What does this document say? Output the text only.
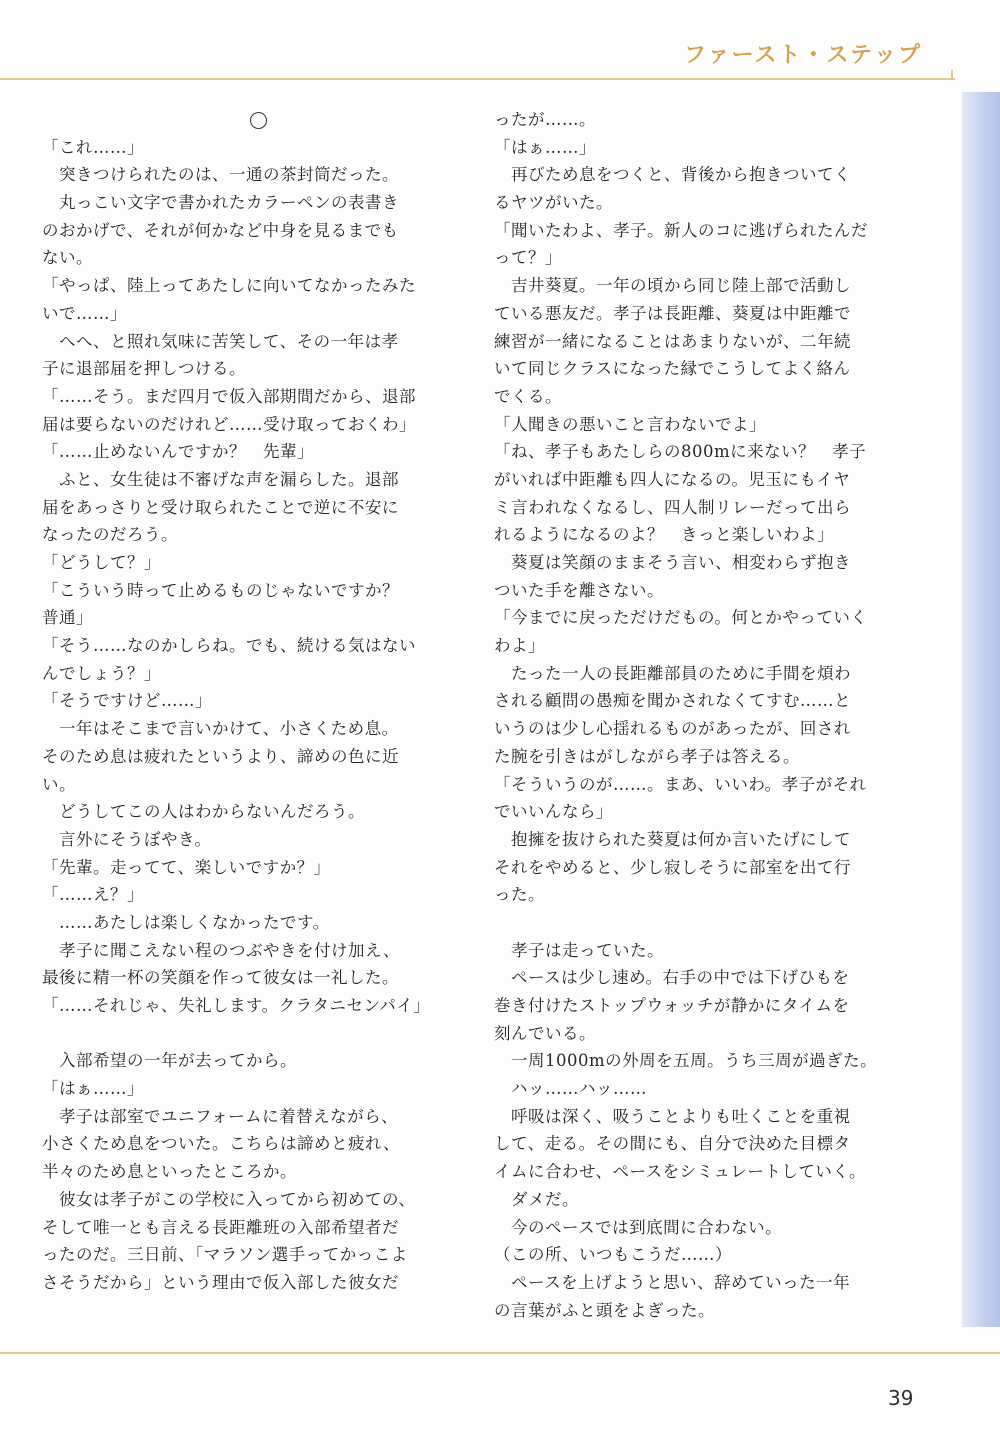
ファースト・ステップ
「これ……」
　突きつけられたのは、一通の茶封筒だった。
　丸っこい文字で書かれたカラーペンの表書き
のおかげで、それが何かなど中身を見るまでも
ない。
「やっぱ、陸上ってあたしに向いてなかったみた
いで……」
　へへ、と照れ気味に苦笑して、その一年は孝
子に退部届を押しつける。
「……そう。まだ四月で仮入部期間だから、退部
届は要らないのだけれど……受け取っておくわ」
「……止めないんですか？　先輩」
　ふと、女生徒は不審げな声を漏らした。退部
届をあっさりと受け取られたことで逆に不安に
なったのだろう。
「どうして？」
「こういう時って止めるものじゃないですか？
普通」
「そう……なのかしらね。でも、続ける気はない
んでしょう？」
「そうですけど……」
　一年はそこまで言いかけて、小さくため息。
そのため息は疲れたというより、諦めの色に近
い。
　どうしてこの人はわからないんだろう。
　言外にそうぼやき。
「先輩。走ってて、楽しいですか？」
「……え？」
　……あたしは楽しくなかったです。
　孝子に聞こえない程のつぶやきを付け加え、
最後に精一杯の笑顔を作って彼女は一礼した。
「……それじゃ、失礼します。クラタニセンパイ」
　入部希望の一年が去ってから。
「はぁ……」
　孝子は部室でユニフォームに着替えながら、
小さくため息をついた。こちらは諦めと疲れ、
半々のため息といったところか。
　彼女は孝子がこの学校に入ってから初めての、
そして唯一とも言える長距離班の入部希望者だ
ったのだ。三日前、「マラソン選手ってかっこよ
さそうだから」という理由で仮入部した彼女だ
ったが……。
「はぁ……」
　再びため息をつくと、背後から抱きついてく
るヤツがいた。
「聞いたわよ、孝子。新人のコに逃げられたんだ
って？」
　吉井葵夏。一年の頃から同じ陸上部で活動し
ている悪友だ。孝子は長距離、葵夏は中距離で
練習が一緒になることはあまりないが、二年続
いて同じクラスになった縁でこうしてよく絡ん
でくる。
「人聞きの悪いこと言わないでよ」
「ね、孝子もあたしらの800mに来ない？　孝子
がいれば中距離も四人になるの。児玉にもイヤ
ミ言われなくなるし、四人制リレーだって出ら
れるようになるのよ？　きっと楽しいわよ」
　葵夏は笑顔のままそう言い、相変わらず抱き
ついた手を離さない。
「今までに戻っただけだもの。何とかやっていく
わよ」
　たった一人の長距離部員のために手間を煩わ
される顧問の愚痴を聞かされなくてすむ……と
いうのは少し心揺れるものがあったが、回され
た腕を引きはがしながら孝子は答える。
「そういうのが……。まあ、いいわ。孝子がそれ
でいいんなら」
　抱擁を抜けられた葵夏は何か言いたげにして
それをやめると、少し寂しそうに部室を出て行
った。
　孝子は走っていた。
　ペースは少し速め。右手の中では下げひもを
巻き付けたストップウォッチが静かにタイムを
刻んでいる。
　一周1000mの外周を五周。うち三周が過ぎた。
　ハッ……ハッ……
　呼吸は深く、吸うことよりも吐くことを重視
して、走る。その間にも、自分で決めた目標タ
イムに合わせ、ペースをシミュレートしていく。
　ダメだ。
　今のペースでは到底間に合わない。
（この所、いつもこうだ……）
　ペースを上げようと思い、辞めていった一年
の言葉がふと頭をよぎった。
39
